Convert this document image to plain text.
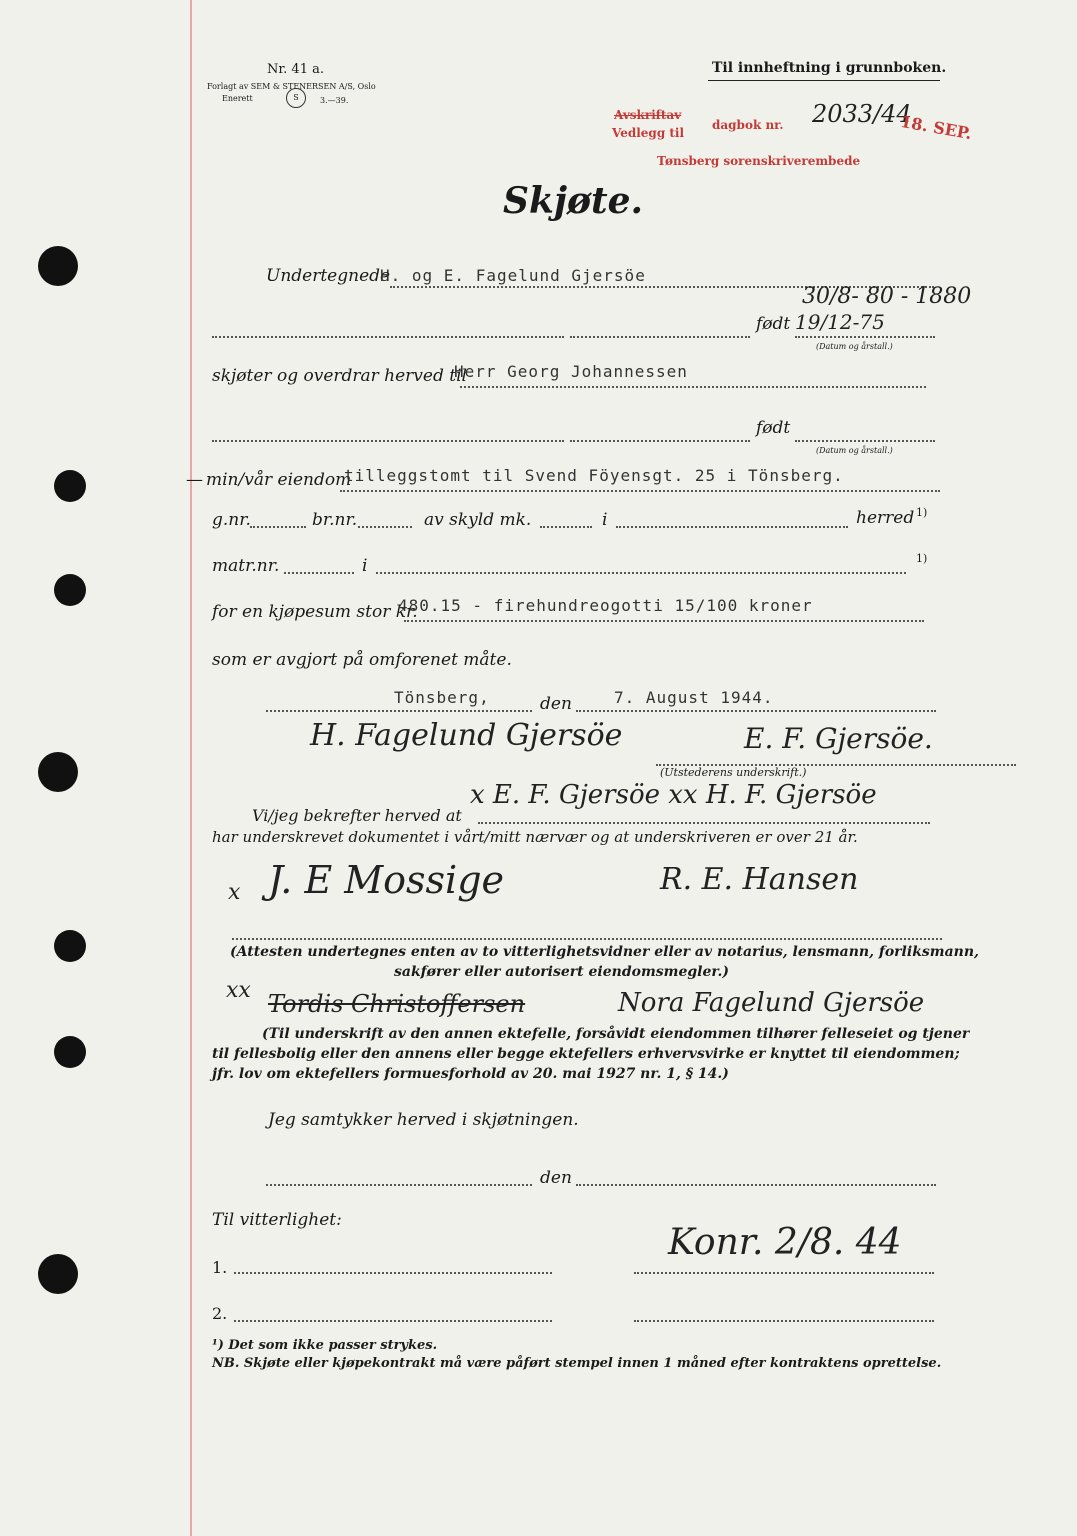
Nr. 41 a.
Forlagt av SEM & STENERSEN A/S, Oslo
Enerett	S	3.—39.
Til innheftning i grunnboken.
Avskriftav
Vedlegg til
dagbok nr. 2033/44
18. SEP.
Tønsberg sorenskriverembede
Skjøte.
Undertegnede
H. og E. Fagelund Gjersöe
30/8- 80 - 1880
født 19/12-75
(Datum og årstall.)
skjøter og overdrar herved til
Herr Georg Johannessen
født
(Datum og årstall.)
— min/vår eiendom
tilleggstomt til Svend Föyensgt. 25 i Tönsberg.
g.nr.	br.nr.	av skyld mk.	i	herred 1)
matr.nr.	i	1)
for en kjøpesum stor kr.
480.15 - firehundreogotti 15/100 kroner
som er avgjort på omforenet måte.
Tönsberg,	den	7. August 1944.
H. Fagelund Gjersöe	E. F. Gjersöe.
(Utstederens underskrift.)
Vi/jeg bekrefter herved at
x E. F. Gjersöe xx H. F. Gjersöe
har underskrevet dokumentet i vårt/mitt nærvær og at underskriveren er over 21 år.
x J. E Mossige	R. E. Hansen
(Attesten undertegnes enten av to vitterlighetsvidner eller av notarius, lensmann, forliksmann,
sakfører eller autorisert eiendomsmegler.)
xx Tordis Christoffersen	Nora Fagelund Gjersöe
(Til underskrift av den annen ektefelle, forsåvidt eiendommen tilhører felleseiet og tjener
til fellesbolig eller den annens eller begge ektefellers erhvervsvirke er knyttet til eiendommen;
jfr. lov om ektefellers formuesforhold av 20. mai 1927 nr. 1, § 14.)
Jeg samtykker herved i skjøtningen.
den
Til vitterlighet:
1.
Konr. 2/8. 44
2.
¹) Det som ikke passer strykes.
NB. Skjøte eller kjøpekontrakt må være påført stempel innen 1 måned efter kontraktens oprettelse.
